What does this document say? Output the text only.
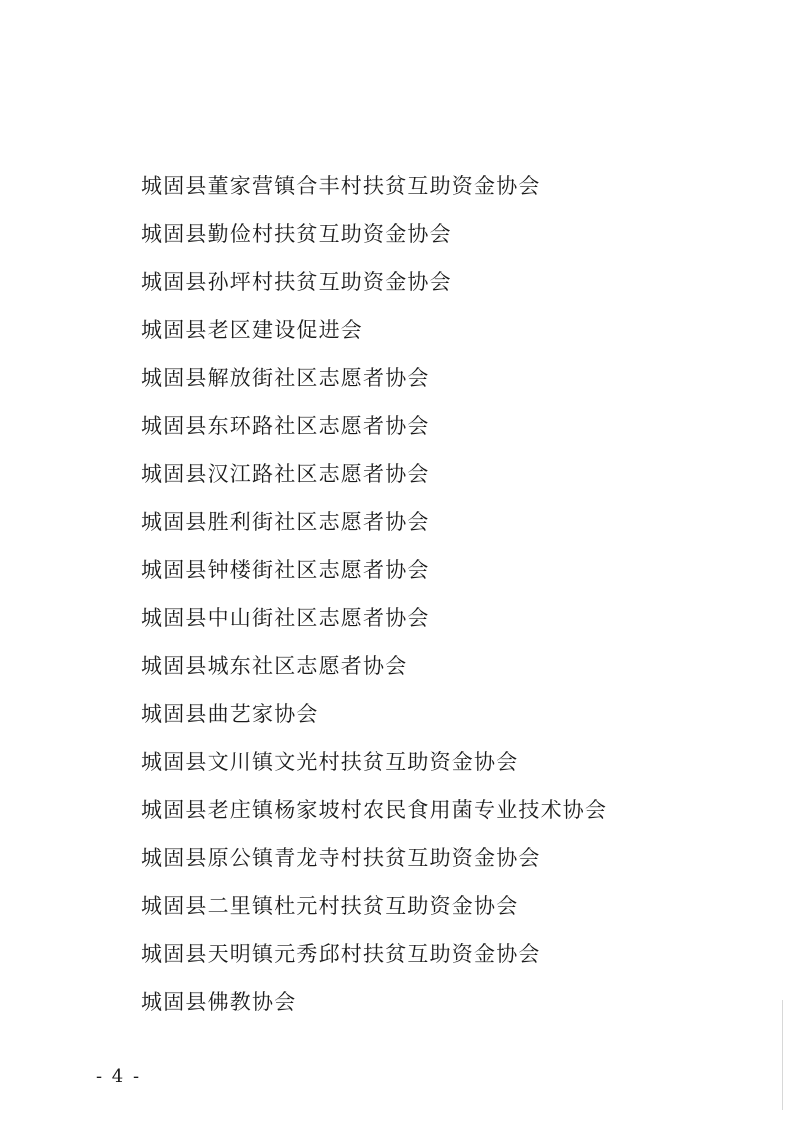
城固县董家营镇合丰村扶贫互助资金协会
城固县勤俭村扶贫互助资金协会
城固县孙坪村扶贫互助资金协会
城固县老区建设促进会
城固县解放街社区志愿者协会
城固县东环路社区志愿者协会
城固县汉江路社区志愿者协会
城固县胜利街社区志愿者协会
城固县钟楼街社区志愿者协会
城固县中山街社区志愿者协会
城固县城东社区志愿者协会
城固县曲艺家协会
城固县文川镇文光村扶贫互助资金协会
城固县老庄镇杨家坡村农民食用菌专业技术协会
城固县原公镇青龙寺村扶贫互助资金协会
城固县二里镇杜元村扶贫互助资金协会
城固县天明镇元秀邱村扶贫互助资金协会
城固县佛教协会
- 4 -
